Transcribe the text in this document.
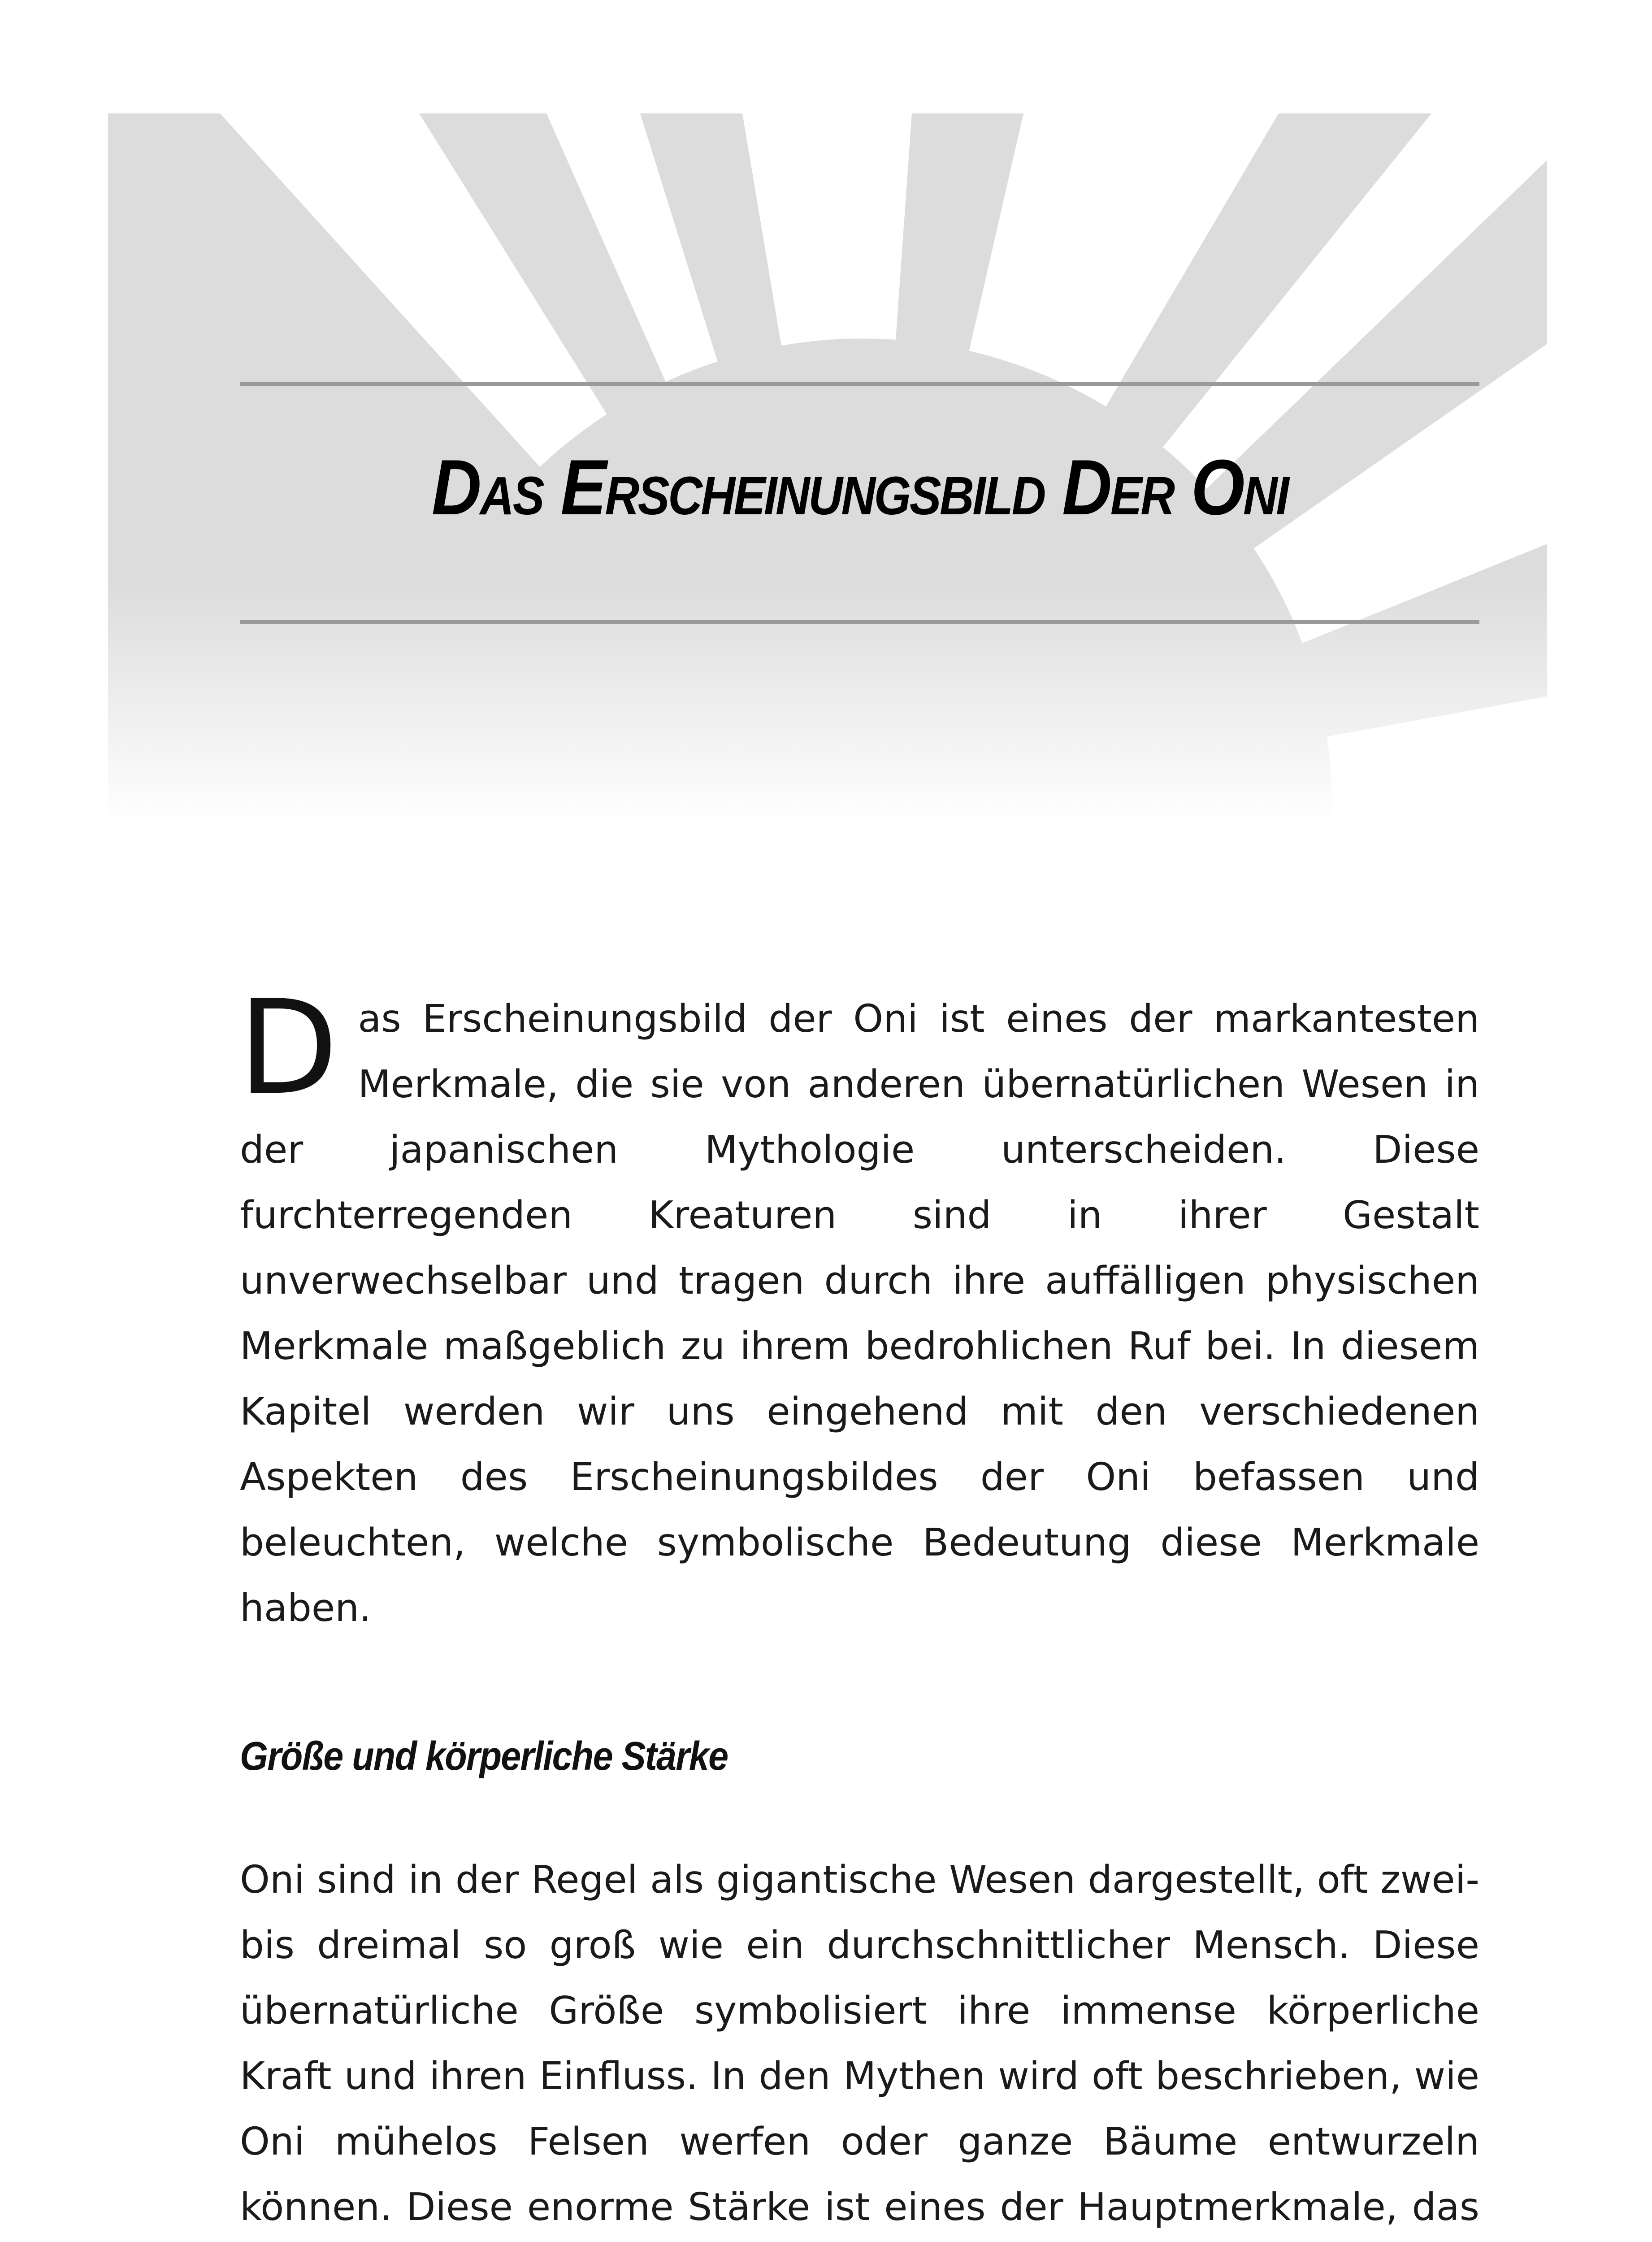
DAS ERSCHEINUNGSBILD DER ONI

D as Erscheinungsbild der Oni ist eines der markantesten Merkmale, die sie von anderen übernatürlichen Wesen in der japanischen Mythologie unterscheiden. Diese furchterregenden Kreaturen sind in ihrer Gestalt unverwechselbar und tragen durch ihre auffälligen physischen Merkmale maßgeblich zu ihrem bedrohlichen Ruf bei. In diesem Kapitel werden wir uns eingehend mit den verschiedenen Aspekten des Erscheinungsbildes der Oni befassen und beleuchten, welche symbolische Bedeutung diese Merkmale haben.

Größe und körperliche Stärke

Oni sind in der Regel als gigantische Wesen dargestellt, oft zwei- bis dreimal so groß wie ein durchschnittlicher Mensch. Diese übernatürliche Größe symbolisiert ihre immense körperliche Kraft und ihren Einfluss. In den Mythen wird oft beschrieben, wie Oni mühelos Felsen werfen oder ganze Bäume entwurzeln können. Diese enorme Stärke ist eines der Hauptmerkmale, das
